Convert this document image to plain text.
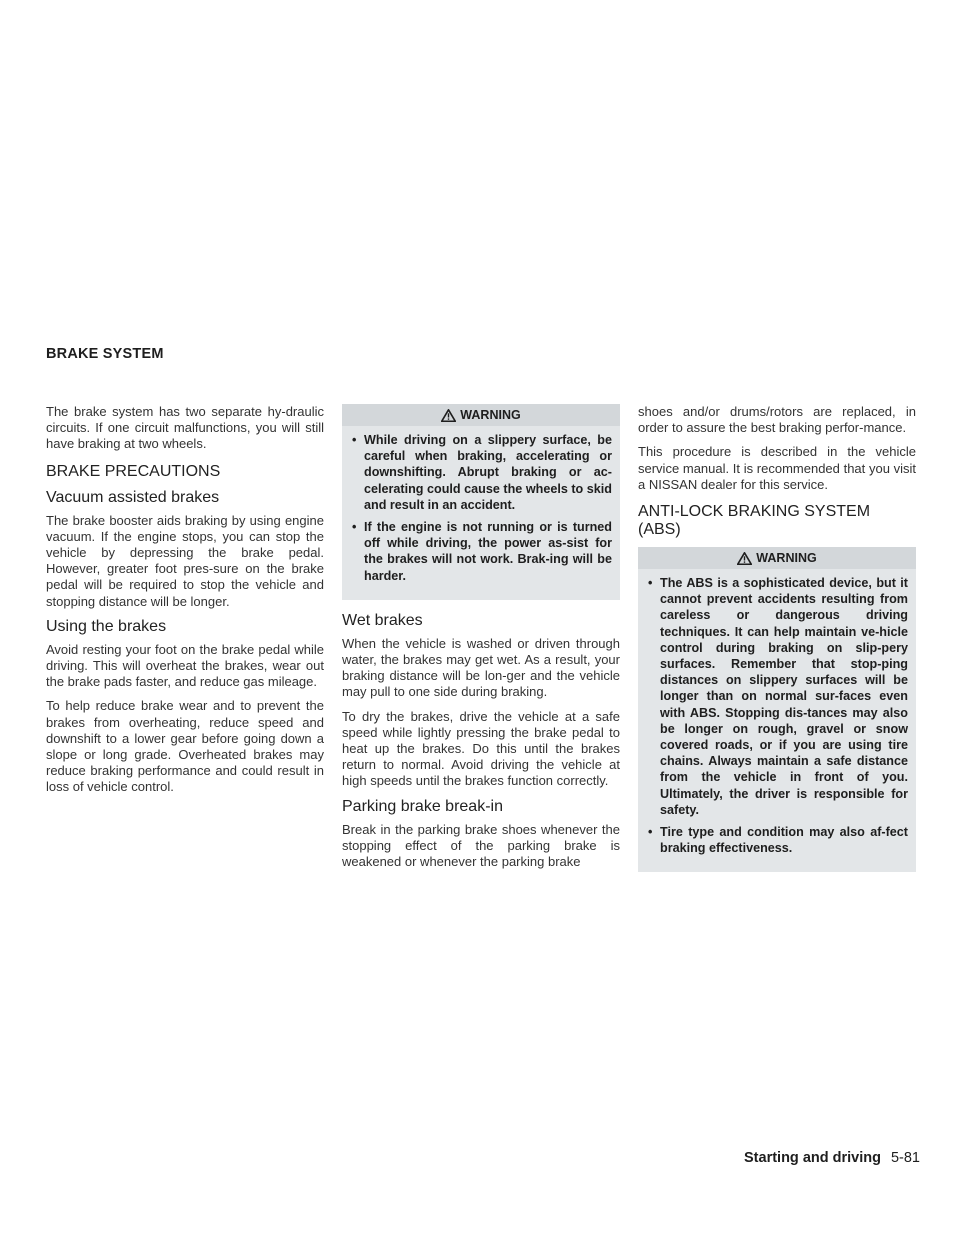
BRAKE SYSTEM

The brake system has two separate hy-draulic circuits. If one circuit malfunctions, you will still have braking at two wheels.

BRAKE PRECAUTIONS
Vacuum assisted brakes

The brake booster aids braking by using engine vacuum. If the engine stops, you can stop the vehicle by depressing the brake pedal. However, greater foot pres-sure on the brake pedal will be required to stop the vehicle and stopping distance will be longer.

Using the brakes

Avoid resting your foot on the brake pedal while driving. This will overheat the brakes, wear out the brake pads faster, and reduce gas mileage.

To help reduce brake wear and to prevent the brakes from overheating, reduce speed and downshift to a lower gear before going down a slope or long grade. Overheated brakes may reduce braking performance and could result in loss of vehicle control.

WARNING
• While driving on a slippery surface, be careful when braking, accelerating or downshifting. Abrupt braking or ac-celerating could cause the wheels to skid and result in an accident.
• If the engine is not running or is turned off while driving, the power as-sist for the brakes will not work. Brak-ing will be harder.
Wet brakes

When the vehicle is washed or driven through water, the brakes may get wet. As a result, your braking distance will be lon-ger and the vehicle may pull to one side during braking.

To dry the brakes, drive the vehicle at a safe speed while lightly pressing the brake pedal to heat up the brakes. Do this until the brakes return to normal. Avoid driving the vehicle at high speeds until the brakes function correctly.

Parking brake break-in

Break in the parking brake shoes whenever the stopping effect of the parking brake is weakened or whenever the parking brake

shoes and/or drums/rotors are replaced, in order to assure the best braking perfor-mance.

This procedure is described in the vehicle service manual. It is recommended that you visit a NISSAN dealer for this service.

ANTI-LOCK BRAKING SYSTEM (ABS)
WARNING
• The ABS is a sophisticated device, but it cannot prevent accidents resulting from careless or dangerous driving techniques. It can help maintain ve-hicle control during braking on slip-pery surfaces. Remember that stop-ping distances on slippery surfaces will be longer than on normal sur-faces even with ABS. Stopping dis-tances may also be longer on rough, gravel or snow covered roads, or if you are using tire chains. Always maintain a safe distance from the vehicle in front of you. Ultimately, the driver is responsible for safety.
• Tire type and condition may also af-fect braking effectiveness.
Starting and driving 5-81
